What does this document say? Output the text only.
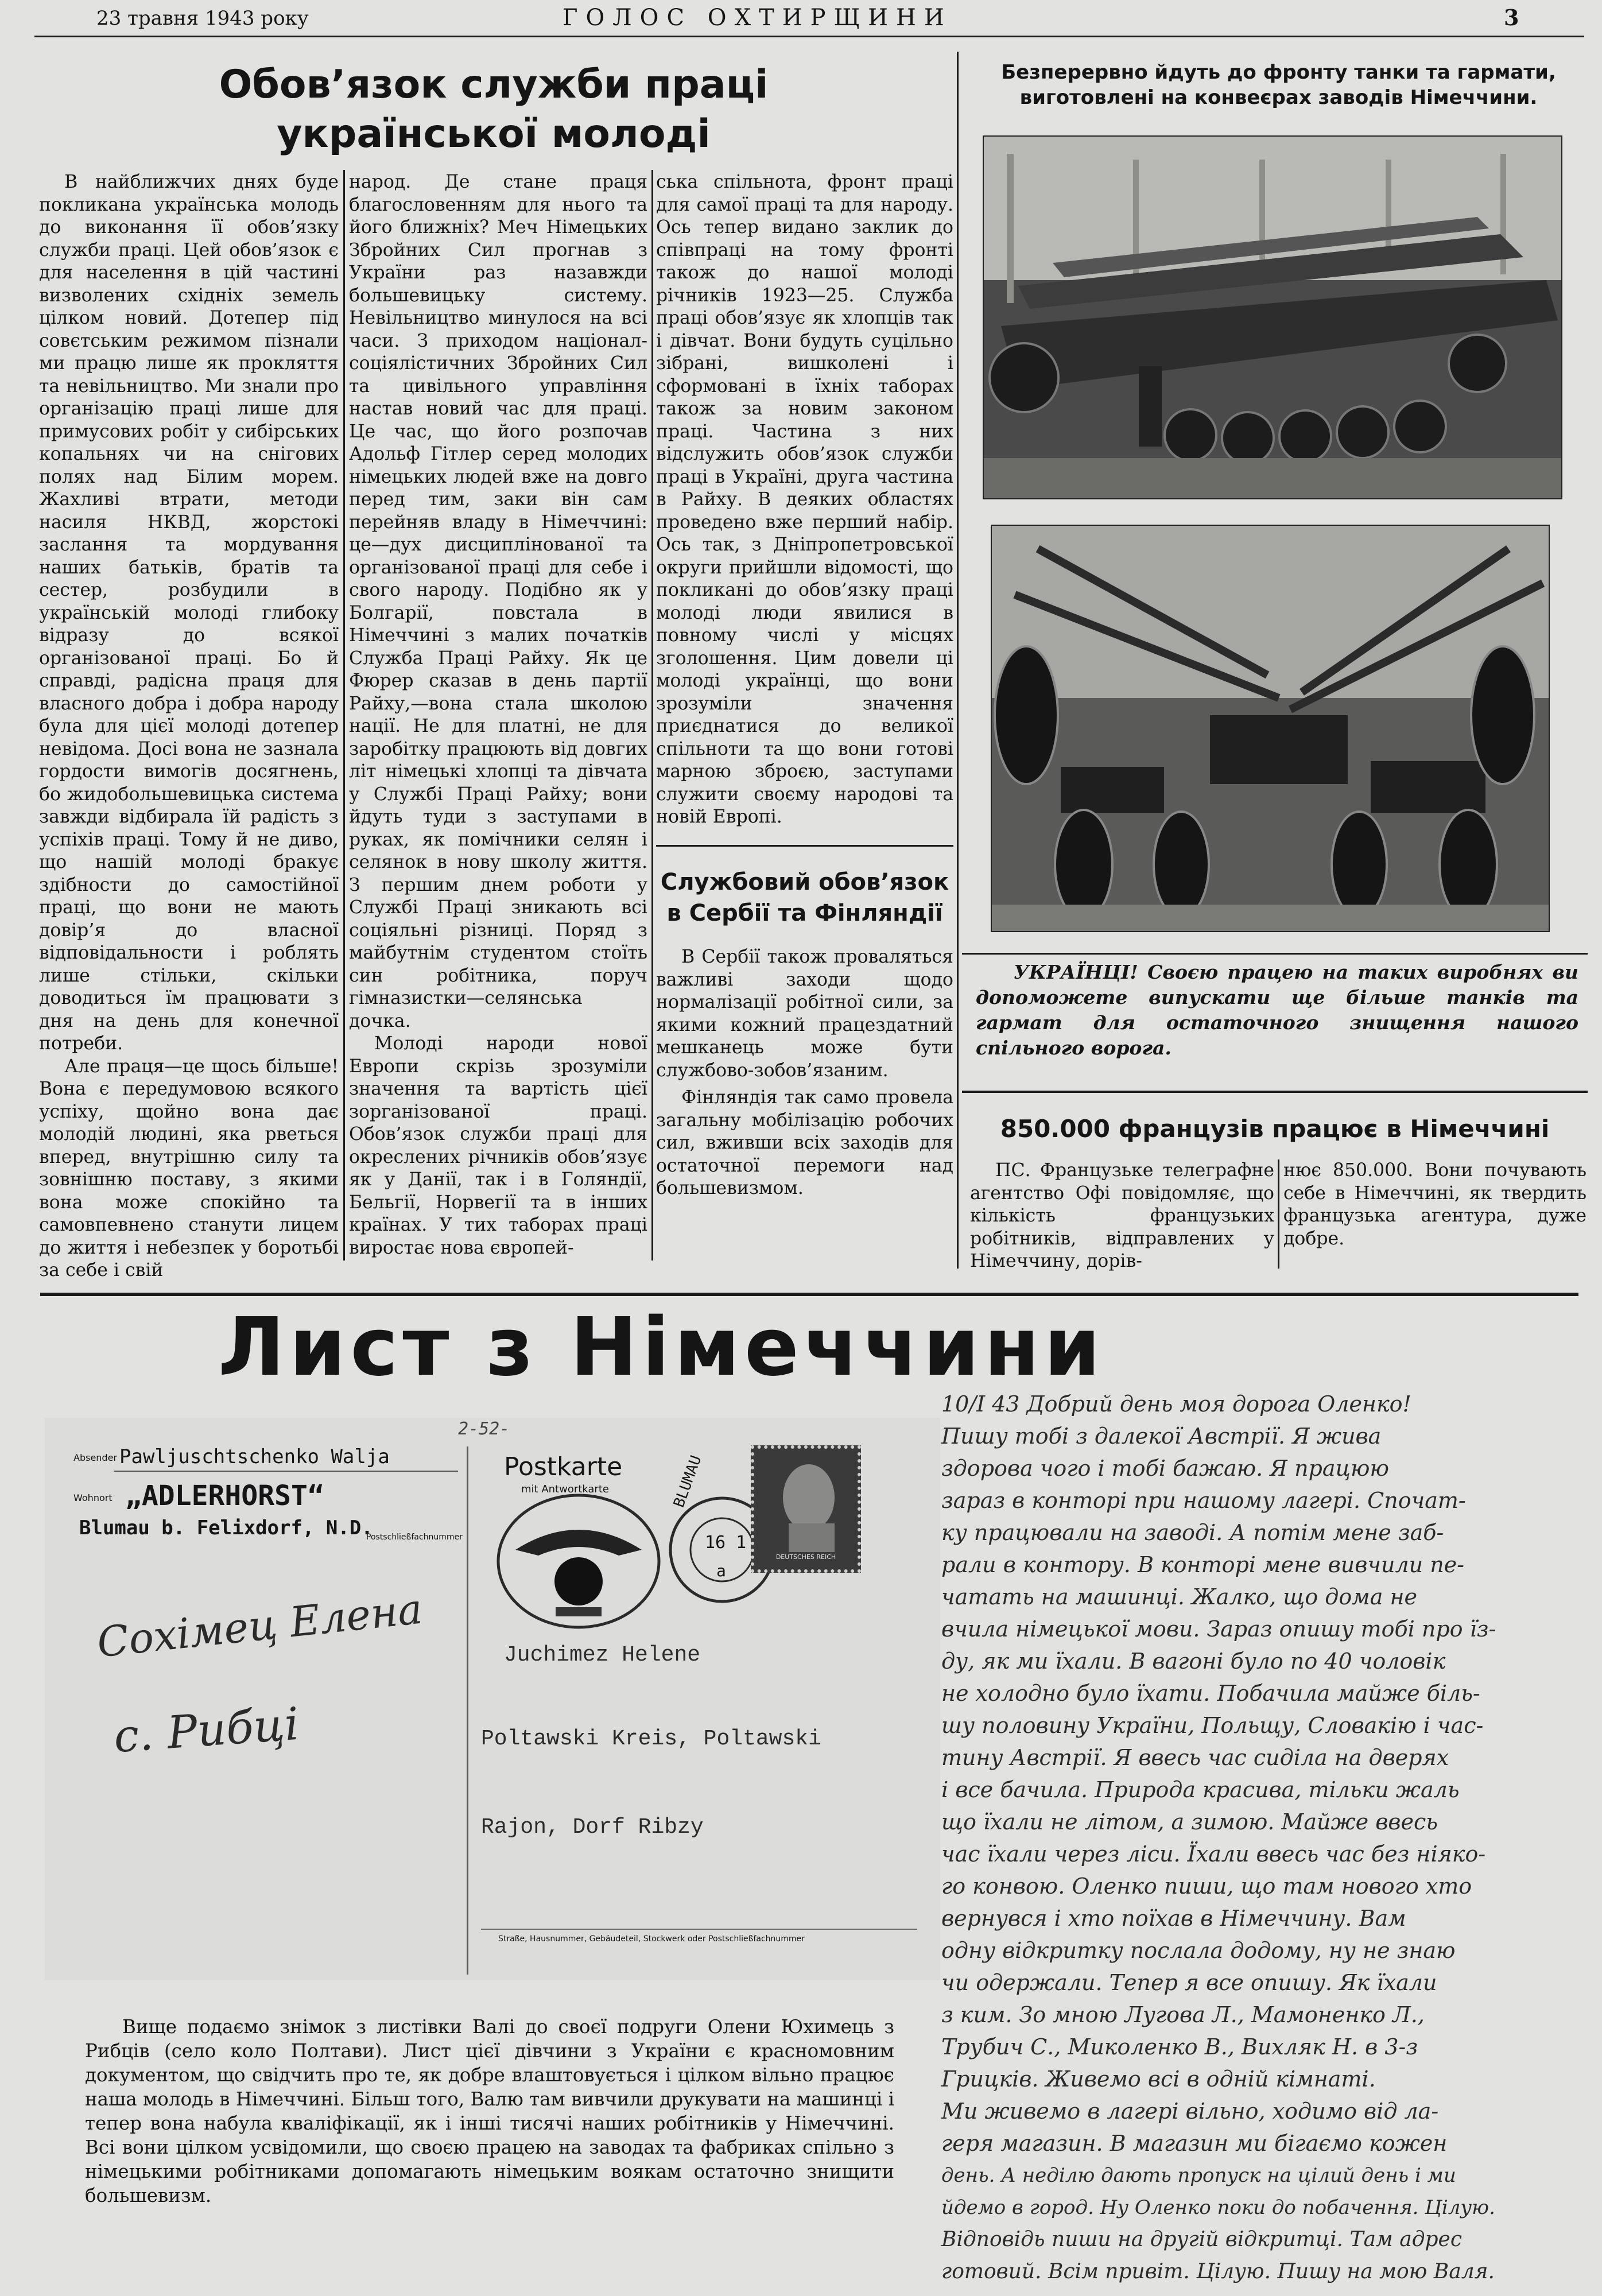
23 травня 1943 року	ГОЛОС ОХТИРЩИНИ	3
Обов’язок служби праці української молоді

В найближчих днях буде покликана українська молодь до виконання її обов’язку служби праці. Цей обов’язок є для населення в цій частині визволених східніх земель цілком новий. Дотепер під совєтським режимом пізнали ми працю лише як прокляття та невільництво. Ми знали про організацію праці лише для примусових робіт у сибірських копальнях чи на снігових полях над Білим морем. Жахливі втрати, методи насиля НКВД, жорстокі заслання та мордування наших батьків, братів та сестер, розбудили в українській молоді глибоку відразу до всякої організованої праці. Бо й справді, радісна праця для власного добра і добра народу була для цієї молоді дотепер невідома. Досі вона не зазнала гордости вимогів досягнень, бо жидобольшевицька система завжди відбирала їй радість з успіхів праці. Тому й не диво, що нашій молоді бракує здібности до самостійної праці, що вони не мають довір’я до власної відповідальности і роблять лише стільки, скільки доводиться їм працювати з дня на день для конечної потреби.

Але праця—це щось більше! Вона є передумовою всякого успіху, щойно вона дає молодій людині, яка рветься вперед, внутрішню силу та зовнішню поставу, з якими вона може спокійно та самовпевнено станути лицем до життя і небезпек у боротьбі за себе і свій

народ. Де стане праця благословенням для нього та його ближніх? Меч Німецьких Збройних Сил прогнав з України раз назавжди большевицьку систему. Невільництво минулося на всі часи. З приходом націонал-соціялістичних Збройних Сил та цивільного управління настав новий час для праці. Це час, що його розпочав Адольф Гітлер серед молодих німецьких людей вже на довго перед тим, заки він сам перейняв владу в Німеччині: це—дух дисциплінованої та організованої праці для себе і свого народу. Подібно як у Болгарії, повстала в Німеччині з малих початків Служба Праці Райху. Як це Фюрер сказав в день партії Райху,—вона стала школою нації. Не для платні, не для заробітку працюють від довгих літ німецькі хлопці та дівчата у Службі Праці Райху; вони йдуть туди з заступами в руках, як помічники селян і селянок в нову школу життя. З першим днем роботи у Службі Праці зникають всі соціяльні різниці. Поряд з майбутнім студентом стоїть син робітника, поруч гімназистки—селянська дочка.

Молоді народи нової Европи скрізь зрозуміли значення та вартість цієї зорганізованої праці. Обов’язок служби праці для окреслених річників обов’язує як у Данії, так і в Голяндії, Бельгії, Норвегії та в інших країнах. У тих таборах праці виростає нова європей-

ська спільнота, фронт праці для самої праці та для народу. Ось тепер видано заклик до співпраці на тому фронті також до нашої молоді річників 1923—25. Служба праці обов’язує як хлопців так і дівчат. Вони будуть суцільно зібрані, вишколені і сформовані в їхніх таборах також за новим законом праці. Частина з них відслужить обов’язок служби праці в Україні, друга частина в Райху. В деяких областях проведено вже перший набір. Ось так, з Дніпропетровської округи прийшли відомості, що покликані до обов’язку праці молоді люди явилися в повному числі у місцях зголошення. Цим довели ці молоді українці, що вони зрозуміли значення приєднатися до великої спільноти та що вони готові марною зброєю, заступами служити своєму народові та новій Европі.

Службовий обов’язок в Сербії та Фінляндії

В Сербії також проваляться важливі заходи щодо нормалізації робітної сили, за якими кожний працездатний мешканець може бути службово-зобов’язаним.

Фінляндія так само провела загальну мобілізацію робочих сил, вживши всіх заходів для остаточної перемоги над большевизмом.

Безперервно йдуть до фронту танки та гармати, виготовлені на конвеєрах заводів Німеччини.
УКРАЇНЦІ! Своєю працею на таких виробнях ви допоможете випускати ще більше танків та гармат для остаточного знищення нашого спільного ворога.
850.000 французів працює в Німеччині

ПС. Французьке телеграфне агентство Офі повідомляє, що кількість французьких робітників, відправлених у Німеччину, дорів-

нює 850.000. Вони почувають себе в Німеччині, як твердить французька агентура, дуже добре.

Лист з Німеччини
2-52-
Absender Pawljuschtschenko Walja
Wohnort „ADLERHORST“
Blumau b. Felixdorf, N.D.
Postschließfachnummer
Сохімец Елена
с. Рибці
Postkarte
mit Antwortkarte	BLUMAU
16 1
a
DEUTSCHES REICH
Juchimez Helene
Poltawski Kreis, Poltawski
Rajon, Dorf Ribzy
Straße, Hausnummer, Gebäudeteil, Stockwerk oder Postschließfachnummer
Вище подаємо знімок з листівки Валі до своєї подруги Олени Юхимець з Рибців (село коло Полтави). Лист цієї дівчини з України є красномовним документом, що свідчить про те, як добре влаштовується і цілком вільно працює наша молодь в Німеччині. Більш того, Валю там вивчили друкувати на машинці і тепер вона набула кваліфікації, як і інші тисячі наших робітників у Німеччині. Всі вони цілком усвідомили, що своєю працею на заводах та фабриках спільно з німецькими робітниками допомагають німецьким воякам остаточно знищити большевизм.
10/I 43 Добрий день моя дорога Оленко!
Пишу тобі з далекої Австрії. Я жива
здорова чого і тобі бажаю. Я працюю
зараз в конторі при нашому лагері. Спочат-
ку працювали на заводі. А потім мене заб-
рали в контору. В конторі мене вивчили пе-
чатать на машинці. Жалко, що дома не
вчила німецької мови. Зараз опишу тобі про їз-
ду, як ми їхали. В вагоні було по 40 чоловік
не холодно було їхати. Побачила майже біль-
шу половину України, Польщу, Словакію і час-
тину Австрії. Я ввесь час сиділа на дверях
і все бачила. Природа красива, тільки жаль
що їхали не літом, а зимою. Майже ввесь
час їхали через ліси. Їхали ввесь час без ніяко-
го конвою. Оленко пиши, що там нового хто
вернувся і хто поїхав в Німеччину. Вам
одну відкритку послала додому, ну не знаю
чи одержали. Тепер я все опишу. Як їхали
з ким. Зо мною Лугова Л., Мамоненко Л.,
Трубич С., Миколенко В., Вихляк Н. в 3-з
Грицків. Живемо всі в одній кімнаті.
Ми живемо в лагері вільно, ходимо від ла-
геря магазин. В магазин ми бігаємо кожен
день. А неділю дають пропуск на цілий день і ми
йдемо в город. Ну Оленко поки до побачення. Цілую.
Відповідь пиши на другій відкритці. Там адрес
готовий. Всім привіт. Цілую. Пишу на мою Валя.
